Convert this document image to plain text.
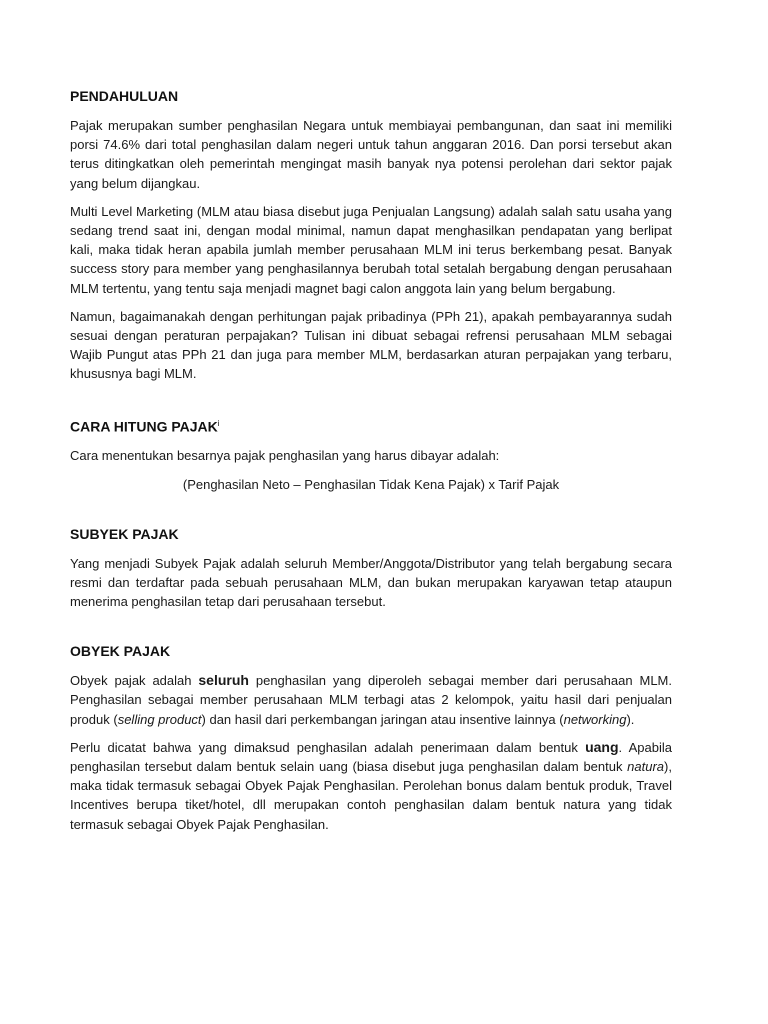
PENDAHULUAN

Pajak merupakan sumber penghasilan Negara untuk membiayai pembangunan, dan saat ini memiliki porsi 74.6% dari total penghasilan dalam negeri untuk tahun anggaran 2016. Dan porsi tersebut akan terus ditingkatkan oleh pemerintah mengingat masih banyak nya potensi perolehan dari sektor pajak yang belum dijangkau.

Multi Level Marketing (MLM atau biasa disebut juga Penjualan Langsung) adalah salah satu usaha yang sedang trend saat ini, dengan modal minimal, namun dapat menghasilkan pendapatan yang berlipat kali, maka tidak heran apabila jumlah member perusahaan MLM ini terus berkembang pesat. Banyak success story para member yang penghasilannya berubah total setalah bergabung dengan perusahaan MLM tertentu, yang tentu saja menjadi magnet bagi calon anggota lain yang belum bergabung.

Namun, bagaimanakah dengan perhitungan pajak pribadinya (PPh 21), apakah pembayarannya sudah sesuai dengan peraturan perpajakan? Tulisan ini dibuat sebagai refrensi perusahaan MLM sebagai Wajib Pungut atas PPh 21 dan juga para member MLM, berdasarkan aturan perpajakan yang terbaru, khususnya bagi MLM.

CARA HITUNG PAJAK$^i$

Cara menentukan besarnya pajak penghasilan yang harus dibayar adalah:

(Penghasilan Neto – Penghasilan Tidak Kena Pajak) x Tarif Pajak

SUBYEK PAJAK

Yang menjadi Subyek Pajak adalah seluruh Member/Anggota/Distributor yang telah bergabung secara resmi dan terdaftar pada sebuah perusahaan MLM, dan bukan merupakan karyawan tetap ataupun menerima penghasilan tetap dari perusahaan tersebut.

OBYEK PAJAK

Obyek pajak adalah seluruh penghasilan yang diperoleh sebagai member dari perusahaan MLM. Penghasilan sebagai member perusahaan MLM terbagi atas 2 kelompok, yaitu hasil dari penjualan produk (selling product) dan hasil dari perkembangan jaringan atau insentive lainnya (networking).

Perlu dicatat bahwa yang dimaksud penghasilan adalah penerimaan dalam bentuk uang. Apabila penghasilan tersebut dalam bentuk selain uang (biasa disebut juga penghasilan dalam bentuk natura), maka tidak termasuk sebagai Obyek Pajak Penghasilan. Perolehan bonus dalam bentuk produk, Travel Incentives berupa tiket/hotel, dll merupakan contoh penghasilan dalam bentuk natura yang tidak termasuk sebagai Obyek Pajak Penghasilan.
